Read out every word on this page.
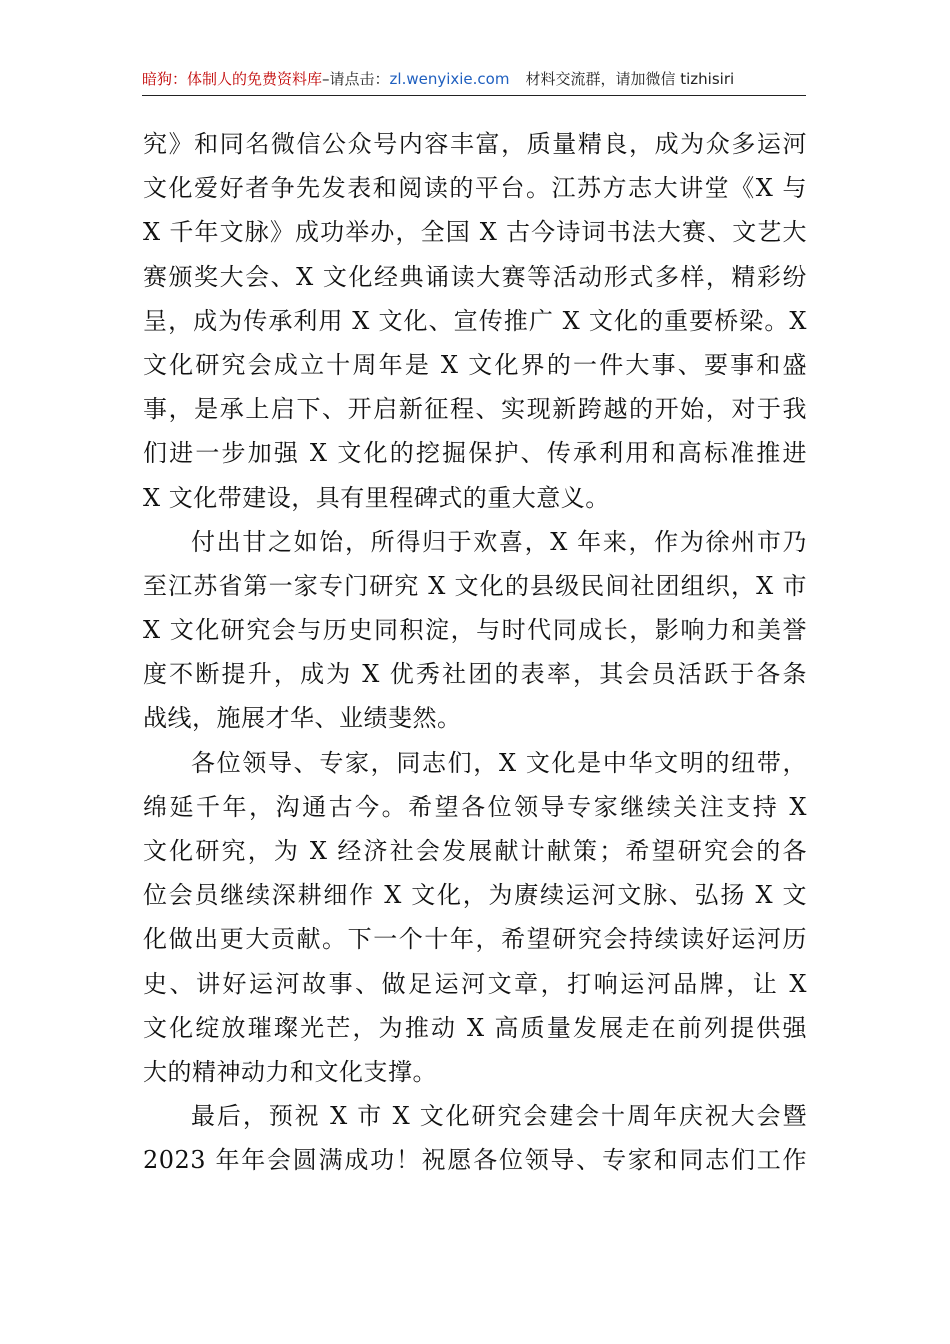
暗狗：体制人的免费资料库–请点击：zl.wenyixie.com 材料交流群，请加微信 tizhisiri
究》和同名微信公众号内容丰富，质量精良，成为众多运河
文化爱好者争先发表和阅读的平台。江苏方志大讲堂《X 与
X 千年文脉》成功举办，全国 X 古今诗词书法大赛、文艺大
赛颁奖大会、X 文化经典诵读大赛等活动形式多样，精彩纷
呈，成为传承利用 X 文化、宣传推广 X 文化的重要桥梁。X
文化研究会成立十周年是 X 文化界的一件大事、要事和盛
事，是承上启下、开启新征程、实现新跨越的开始，对于我
们进一步加强 X 文化的挖掘保护、传承利用和高标准推进
X 文化带建设，具有里程碑式的重大意义。
付出甘之如饴，所得归于欢喜，X 年来，作为徐州市乃
至江苏省第一家专门研究 X 文化的县级民间社团组织，X 市
X 文化研究会与历史同积淀，与时代同成长，影响力和美誉
度不断提升，成为 X 优秀社团的表率，其会员活跃于各条
战线，施展才华、业绩斐然。
各位领导、专家，同志们，X 文化是中华文明的纽带，
绵延千年，沟通古今。希望各位领导专家继续关注支持 X
文化研究，为 X 经济社会发展献计献策；希望研究会的各
位会员继续深耕细作 X 文化，为赓续运河文脉、弘扬 X 文
化做出更大贡献。下一个十年，希望研究会持续读好运河历
史、讲好运河故事、做足运河文章，打响运河品牌，让 X
文化绽放璀璨光芒，为推动 X 高质量发展走在前列提供强
大的精神动力和文化支撑。
最后，预祝 X 市 X 文化研究会建会十周年庆祝大会暨
2023 年年会圆满成功！祝愿各位领导、专家和同志们工作
